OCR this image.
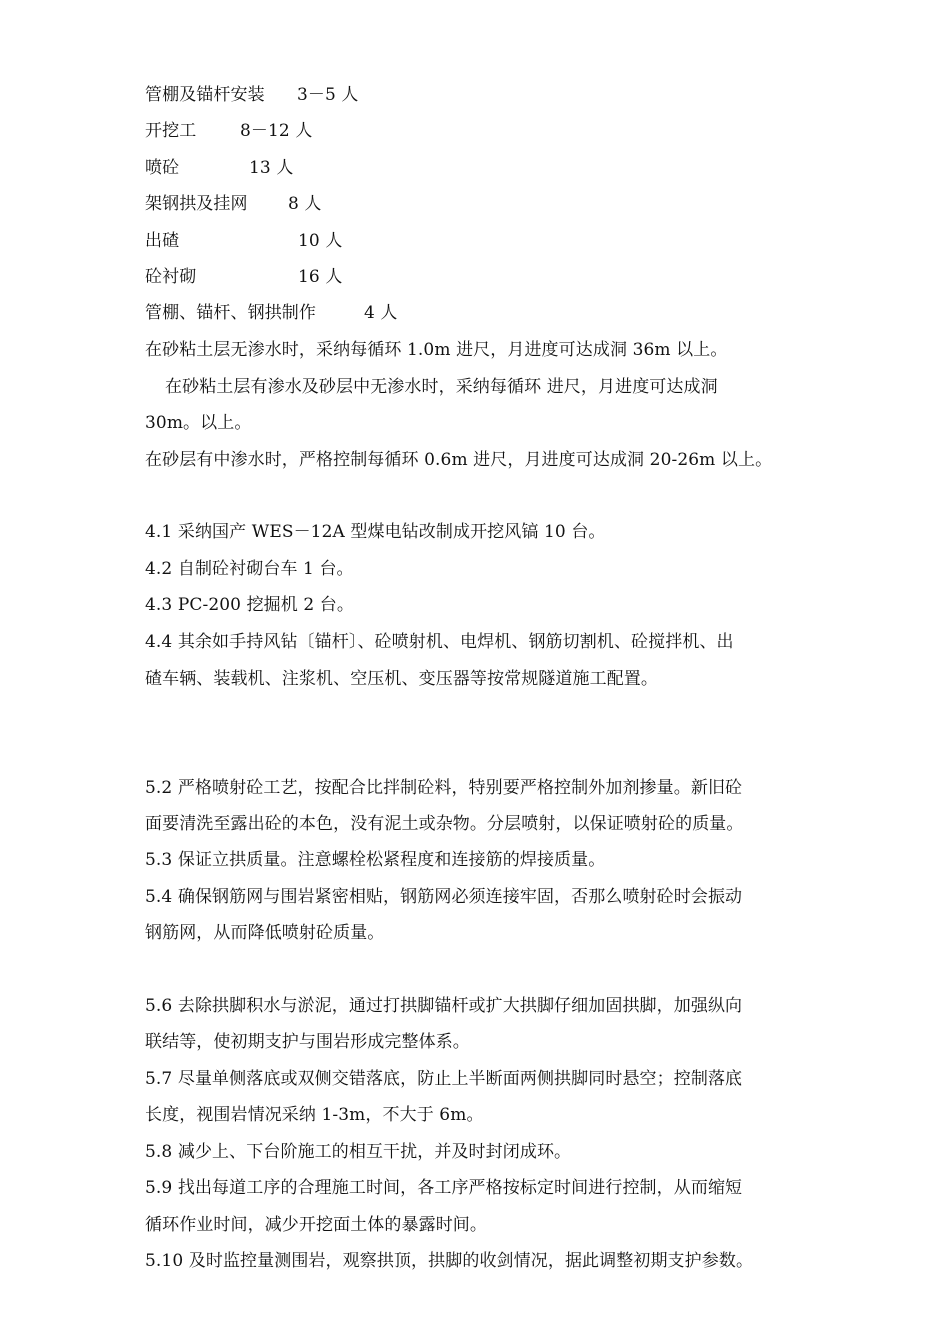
管棚及锚杆安装 3－5 人
开挖工	8－12 人
喷砼	13 人
架钢拱及挂网 8 人
出碴	10 人
砼衬砌	16 人
管棚、锚杆、钢拱制作	4 人
在砂粘土层无渗水时，采纳每循环 1.0m 进尺，月进度可达成洞 36m 以上。
在砂粘土层有渗水及砂层中无渗水时，采纳每循环 进尺，月进度可达成洞
30m。以上。
在砂层有中渗水时，严格控制每循环 0.6m 进尺，月进度可达成洞 20-26m 以上。
4.1 采纳国产 WES－12A 型煤电钻改制成开挖风镐 10 台。
4.2 自制砼衬砌台车 1 台。
4.3 PC-200 挖掘机 2 台。
4.4 其余如手持风钻〔锚杆〕、砼喷射机、电焊机、钢筋切割机、砼搅拌机、出
碴车辆、装载机、注浆机、空压机、变压器等按常规隧道施工配置。
5.2 严格喷射砼工艺，按配合比拌制砼料，特别要严格控制外加剂掺量。新旧砼
面要清洗至露出砼的本色，没有泥土或杂物。分层喷射，以保证喷射砼的质量。
5.3 保证立拱质量。注意螺栓松紧程度和连接筋的焊接质量。
5.4 确保钢筋网与围岩紧密相贴，钢筋网必须连接牢固，否那么喷射砼时会振动
钢筋网，从而降低喷射砼质量。
5.6 去除拱脚积水与淤泥，通过打拱脚锚杆或扩大拱脚仔细加固拱脚，加强纵向
联结等，使初期支护与围岩形成完整体系。
5.7 尽量单侧落底或双侧交错落底，防止上半断面两侧拱脚同时悬空；控制落底
长度，视围岩情况采纳 1-3m，不大于 6m。
5.8 减少上、下台阶施工的相互干扰，并及时封闭成环。
5.9 找出每道工序的合理施工时间，各工序严格按标定时间进行控制，从而缩短
循环作业时间，减少开挖面土体的暴露时间。
5.10 及时监控量测围岩，观察拱顶，拱脚的收剑情况，据此调整初期支护参数。
